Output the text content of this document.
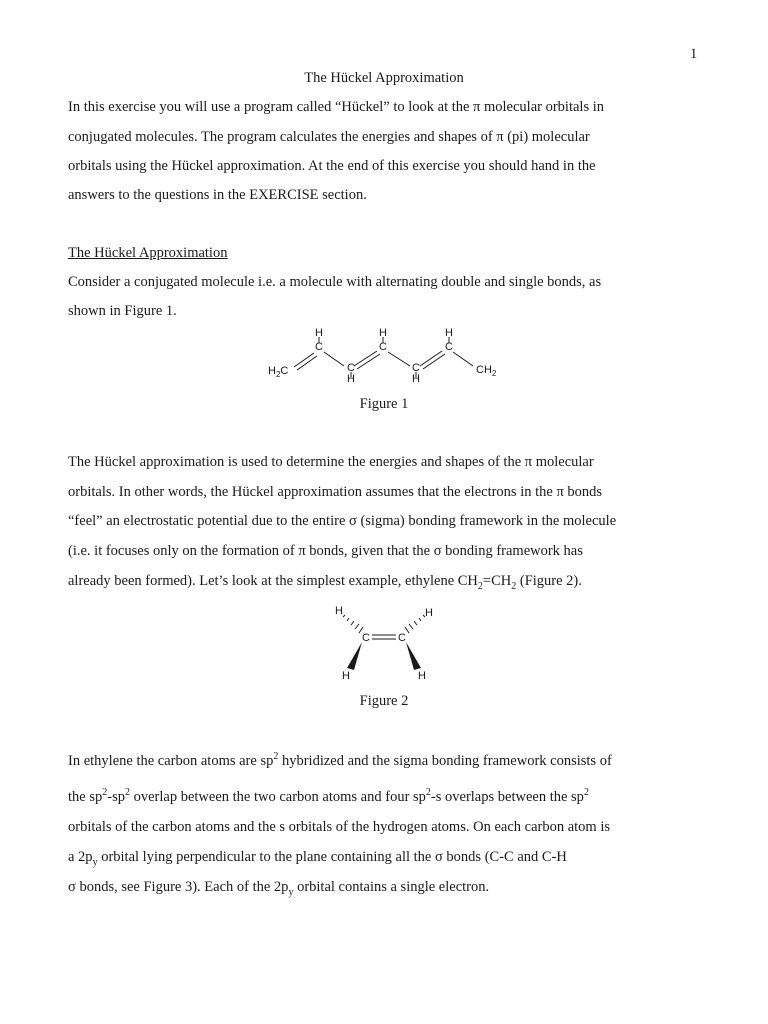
1
The Hückel Approximation
In this exercise you will use a program called “Hückel” to look at the π molecular orbitals in
conjugated molecules. The program calculates the energies and shapes of π (pi) molecular
orbitals using the Hückel approximation. At the end of this exercise you should hand in the
answers to the questions in the EXERCISE section.
The Hückel Approximation
Consider a conjugated molecule i.e. a molecule with alternating double and single bonds, as
shown in Figure 1.
H
C
H
C
H
C
C
H
C
H
$H_2C$	$CH_2$
Figure 1
The Hückel approximation is used to determine the energies and shapes of the π molecular
orbitals. In other words, the Hückel approximation assumes that the electrons in the π bonds
“feel” an electrostatic potential due to the entire σ (sigma) bonding framework in the molecule
(i.e. it focuses only on the formation of π bonds, given that the σ bonding framework has
already been formed). Let’s look at the simplest example, ethylene $CH_2=CH_2$ (Figure 2).
H	H
C	C
H	H
Figure 2
In ethylene the carbon atoms are $sp^2$ hybridized and the sigma bonding framework consists of
the $sp^2-sp^2$ overlap between the two carbon atoms and four $sp^2-s$ overlaps between the $sp^2$
orbitals of the carbon atoms and the s orbitals of the hydrogen atoms. On each carbon atom is
a $2p_y$ orbital lying perpendicular to the plane containing all the σ bonds (C-C and C-H
σ bonds, see Figure 3). Each of the $2p_y$ orbital contains a single electron.
